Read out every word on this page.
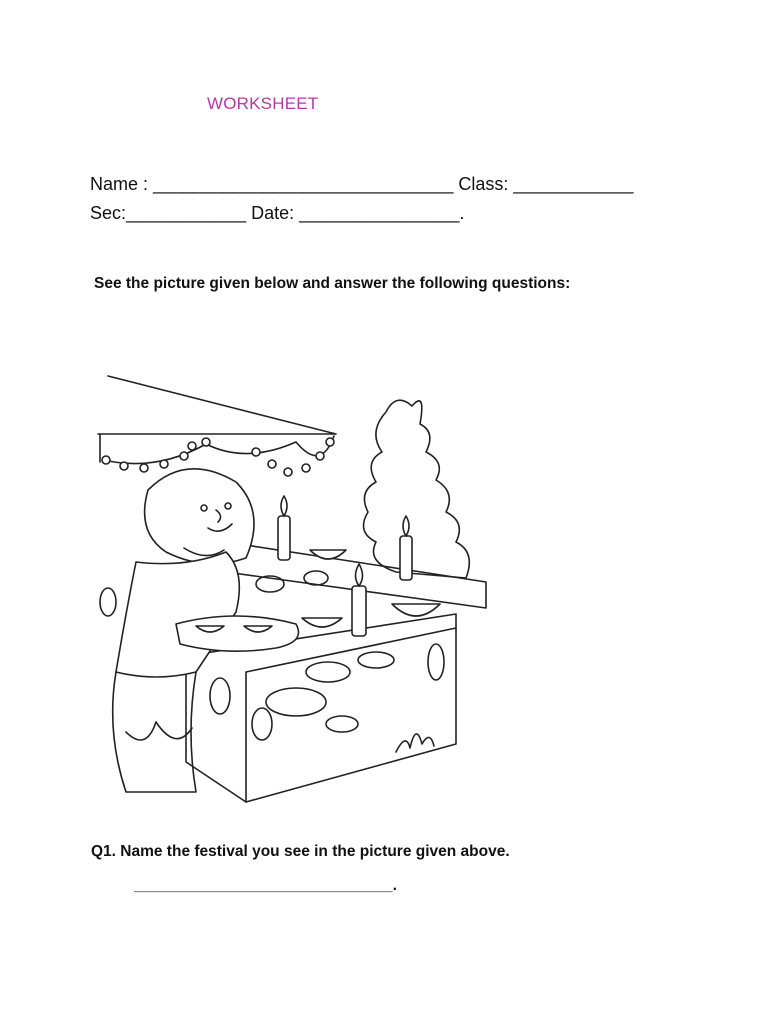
WORKSHEET
Name : ______________________________ Class: ____________
Sec:____________ Date: ________________.
See the picture given below and answer the following questions:
Q1. Name the festival you see in the picture given above.
______________________________.
